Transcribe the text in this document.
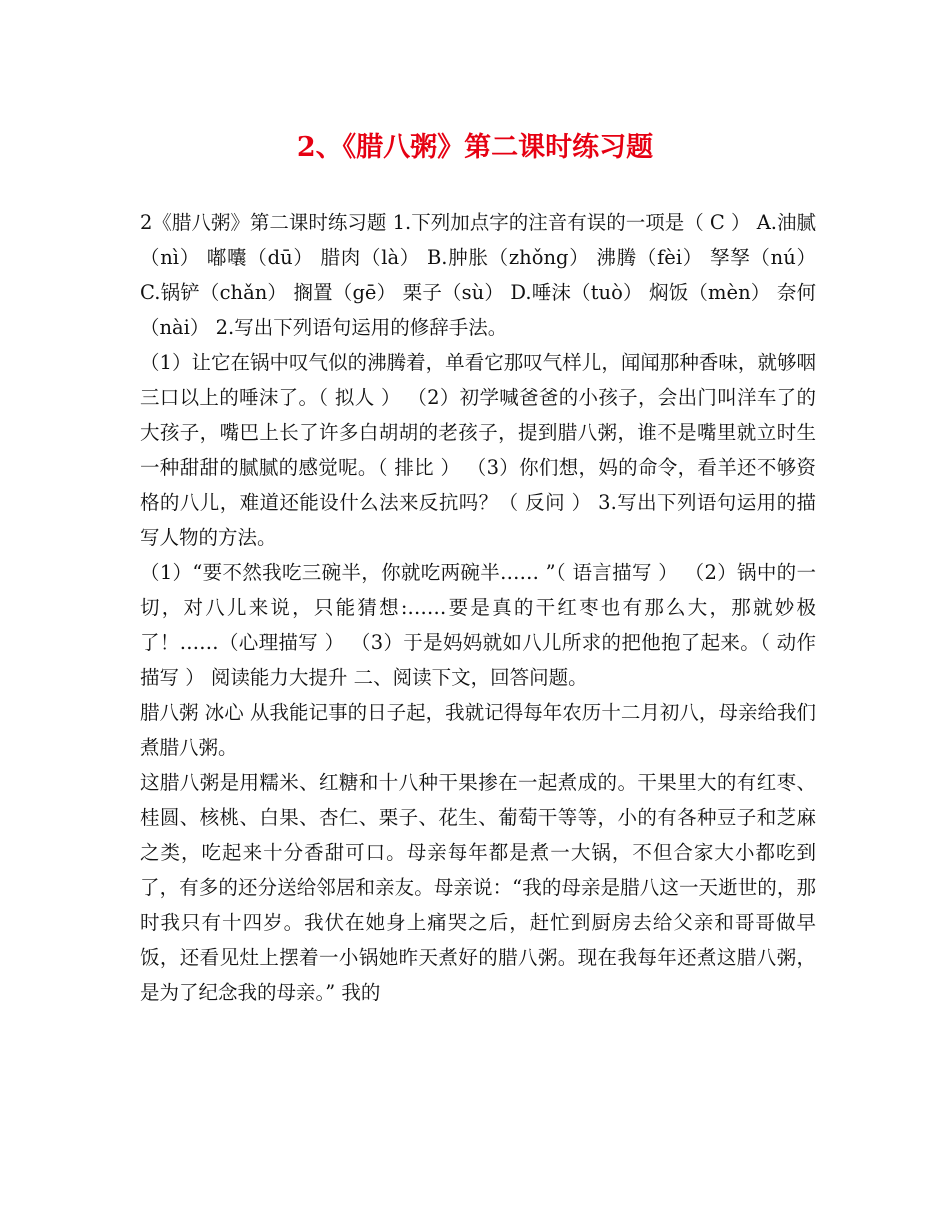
2、《腊八粥》第二课时练习题

2《腊八粥》第二课时练习题 1.下列加点字的注音有误的一项是（ C ） A.油腻（nì） 嘟囔（dū） 腊肉（là） B.肿胀（zhǒng） 沸腾（fèi） 孥孥（nú） C.锅铲（chǎn） 搁置（gē） 栗子（sù） D.唾沫（tuò） 焖饭（mèn） 奈何（nài） 2.写出下列语句运用的修辞手法。

（1）让它在锅中叹气似的沸腾着，单看它那叹气样儿，闻闻那种香味，就够咽三口以上的唾沫了。（ 拟人 ） （2）初学喊爸爸的小孩子，会出门叫洋车了的大孩子，嘴巴上长了许多白胡胡的老孩子，提到腊八粥，谁不是嘴里就立时生一种甜甜的腻腻的感觉呢。（ 排比 ） （3）你们想，妈的命令，看羊还不够资格的八儿，难道还能设什么法来反抗吗？（ 反问 ） 3.写出下列语句运用的描写人物的方法。

（1）“要不然我吃三碗半，你就吃两碗半…… ”（ 语言描写 ） （2）锅中的一切，对八儿来说，只能猜想:……要是真的干红枣也有那么大，那就妙极了！……（心理描写 ） （3）于是妈妈就如八儿所求的把他抱了起来。（ 动作描写 ） 阅读能力大提升 二、阅读下文，回答问题。

腊八粥 冰心 从我能记事的日子起，我就记得每年农历十二月初八，母亲给我们煮腊八粥。

这腊八粥是用糯米、红糖和十八种干果掺在一起煮成的。干果里大的有红枣、桂圆、核桃、白果、杏仁、栗子、花生、葡萄干等等，小的有各种豆子和芝麻之类，吃起来十分香甜可口。母亲每年都是煮一大锅，不但合家大小都吃到了，有多的还分送给邻居和亲友。母亲说：“我的母亲是腊八这一天逝世的，那时我只有十四岁。我伏在她身上痛哭之后，赶忙到厨房去给父亲和哥哥做早饭，还看见灶上摆着一小锅她昨天煮好的腊八粥。现在我每年还煮这腊八粥，是为了纪念我的母亲。” 我的
